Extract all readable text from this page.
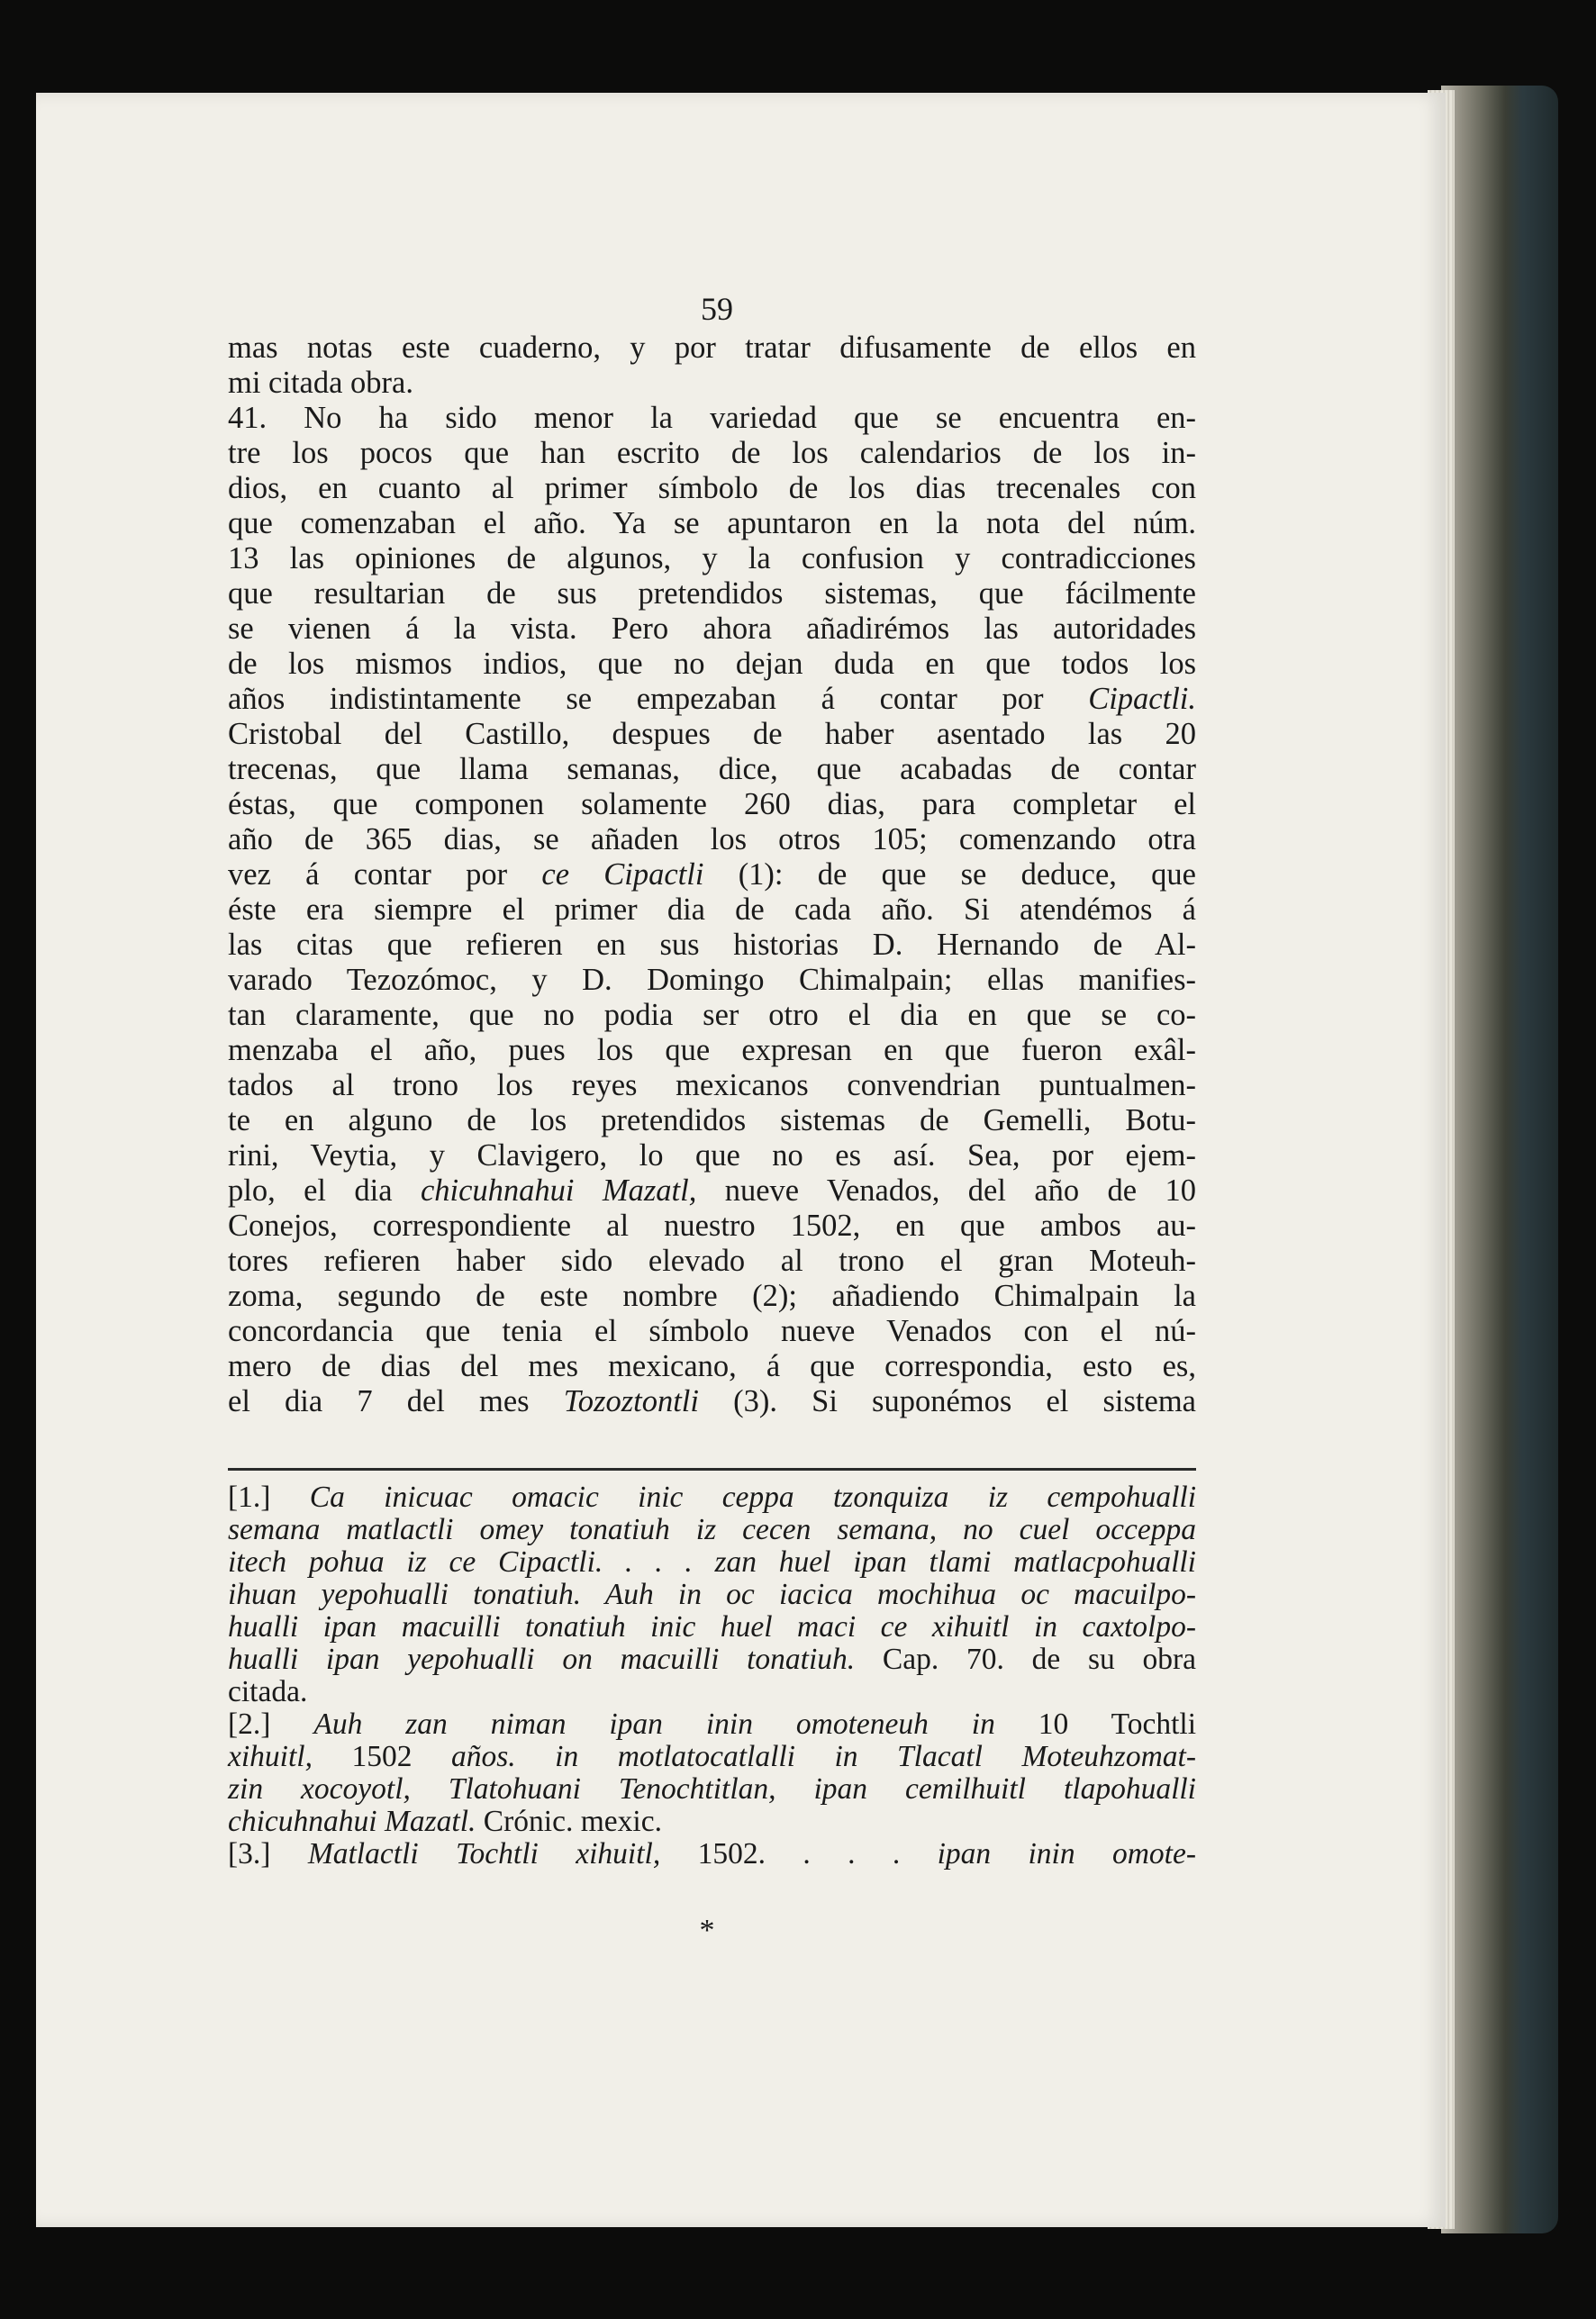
59
mas notas este cuaderno, y por tratar difusamente de ellos en
mi citada obra.
41. No ha sido menor la variedad que se encuentra en-
tre los pocos que han escrito de los calendarios de los in-
dios, en cuanto al primer símbolo de los dias trecenales con
que comenzaban el año. Ya se apuntaron en la nota del núm.
13 las opiniones de algunos, y la confusion y contradicciones
que resultarian de sus pretendidos sistemas, que fácilmente
se vienen á la vista. Pero ahora añadirémos las autoridades
de los mismos indios, que no dejan duda en que todos los
años indistintamente se empezaban á contar por Cipactli.
Cristobal del Castillo, despues de haber asentado las 20
trecenas, que llama semanas, dice, que acabadas de contar
éstas, que componen solamente 260 dias, para completar el
año de 365 dias, se añaden los otros 105; comenzando otra
vez á contar por ce Cipactli (1): de que se deduce, que
éste era siempre el primer dia de cada año. Si atendémos á
las citas que refieren en sus historias D. Hernando de Al-
varado Tezozómoc, y D. Domingo Chimalpain; ellas manifies-
tan claramente, que no podia ser otro el dia en que se co-
menzaba el año, pues los que expresan en que fueron exâl-
tados al trono los reyes mexicanos convendrian puntualmen-
te en alguno de los pretendidos sistemas de Gemelli, Botu-
rini, Veytia, y Clavigero, lo que no es así. Sea, por ejem-
plo, el dia chicuhnahui Mazatl, nueve Venados, del año de 10
Conejos, correspondiente al nuestro 1502, en que ambos au-
tores refieren haber sido elevado al trono el gran Moteuh-
zoma, segundo de este nombre (2); añadiendo Chimalpain la
concordancia que tenia el símbolo nueve Venados con el nú-
mero de dias del mes mexicano, á que correspondia, esto es,
el dia 7 del mes Tozoztontli (3). Si suponémos el sistema
[1.] Ca inicuac omacic inic ceppa tzonquiza iz cempohualli
semana matlactli omey tonatiuh iz cecen semana, no cuel occeppa
itech pohua iz ce Cipactli. . . . zan huel ipan tlami matlacpohualli
ihuan yepohualli tonatiuh. Auh in oc iacica mochihua oc macuilpo-
hualli ipan macuilli tonatiuh inic huel maci ce xihuitl in caxtolpo-
hualli ipan yepohualli on macuilli tonatiuh. Cap. 70. de su obra
citada.
[2.] Auh zan niman ipan inin omoteneuh in 10 Tochtli
xihuitl, 1502 años. in motlatocatlalli in Tlacatl Moteuhzomat-
zin xocoyotl, Tlatohuani Tenochtitlan, ipan cemilhuitl tlapohualli
chicuhnahui Mazatl. Crónic. mexic.
[3.] Matlactli Tochtli xihuitl, 1502. . . . ipan inin omote-
*
